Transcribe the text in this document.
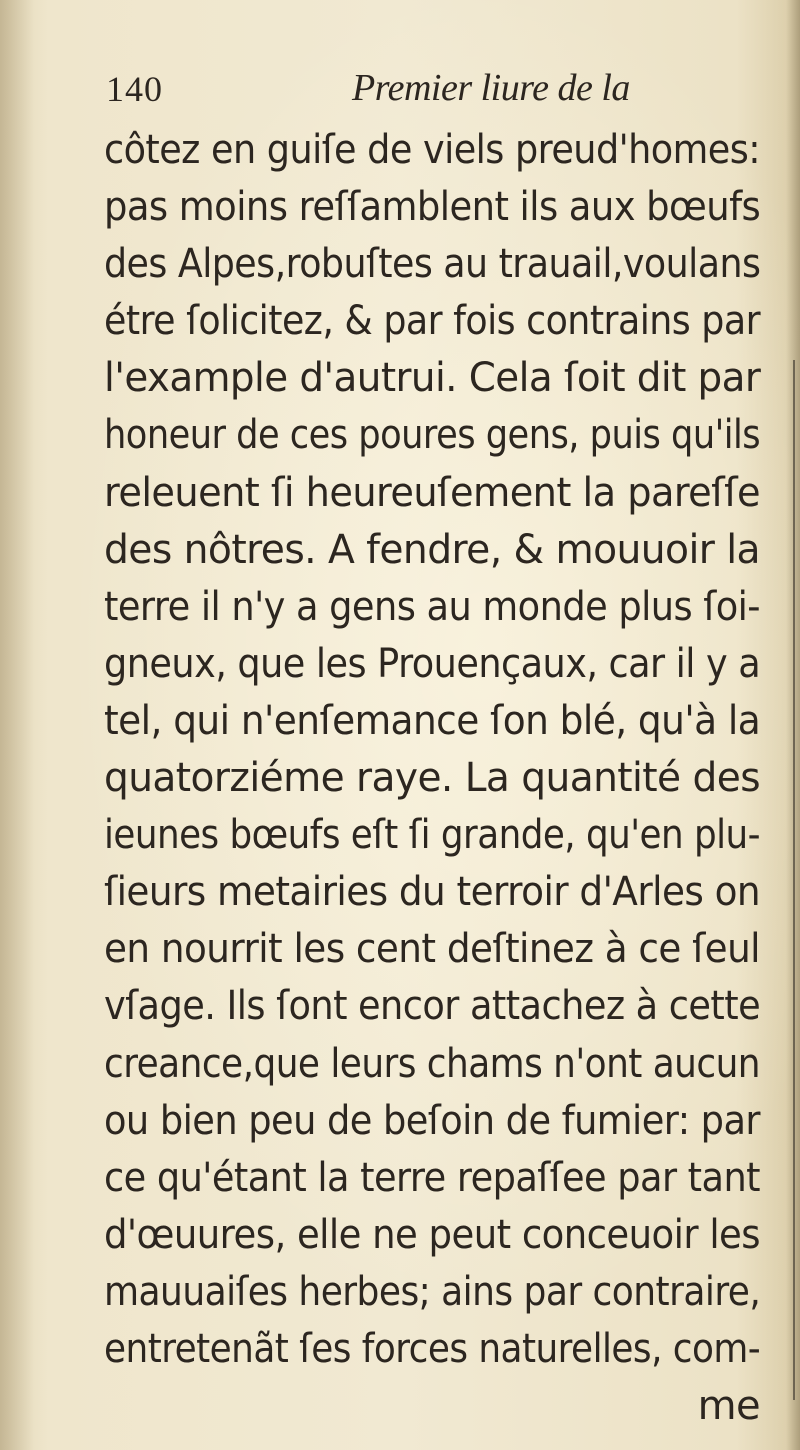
140	Premier liure de la
côtez en guiſe de viels preud'homes:
pas moins reſſamblent ils aux bœufs
des Alpes,robuſtes au trauail,voulans
étre ſolicitez, & par fois contrains par
l'example d'autrui. Cela ſoit dit par
honeur de ces poures gens, puis qu'ils
releuent ſi heureuſement la pareſſe
des nôtres. A fendre, & mouuoir la
terre il n'y a gens au monde plus ſoi-
gneux, que les Prouençaux, car il y a
tel, qui n'enſemance ſon blé, qu'à la
quatorziéme raye. La quantité des
ieunes bœufs eſt ſi grande, qu'en plu-
ſieurs metairies du terroir d'Arles on
en nourrit les cent deſtinez à ce ſeul
vſage. Ils ſont encor attachez à cette
creance,que leurs chams n'ont aucun
ou bien peu de beſoin de fumier: par
ce qu'étant la terre repaſſee par tant
d'œuures, elle ne peut conceuoir les
mauuaiſes herbes; ains par contraire,
entretenãt ſes forces naturelles, com-
me
